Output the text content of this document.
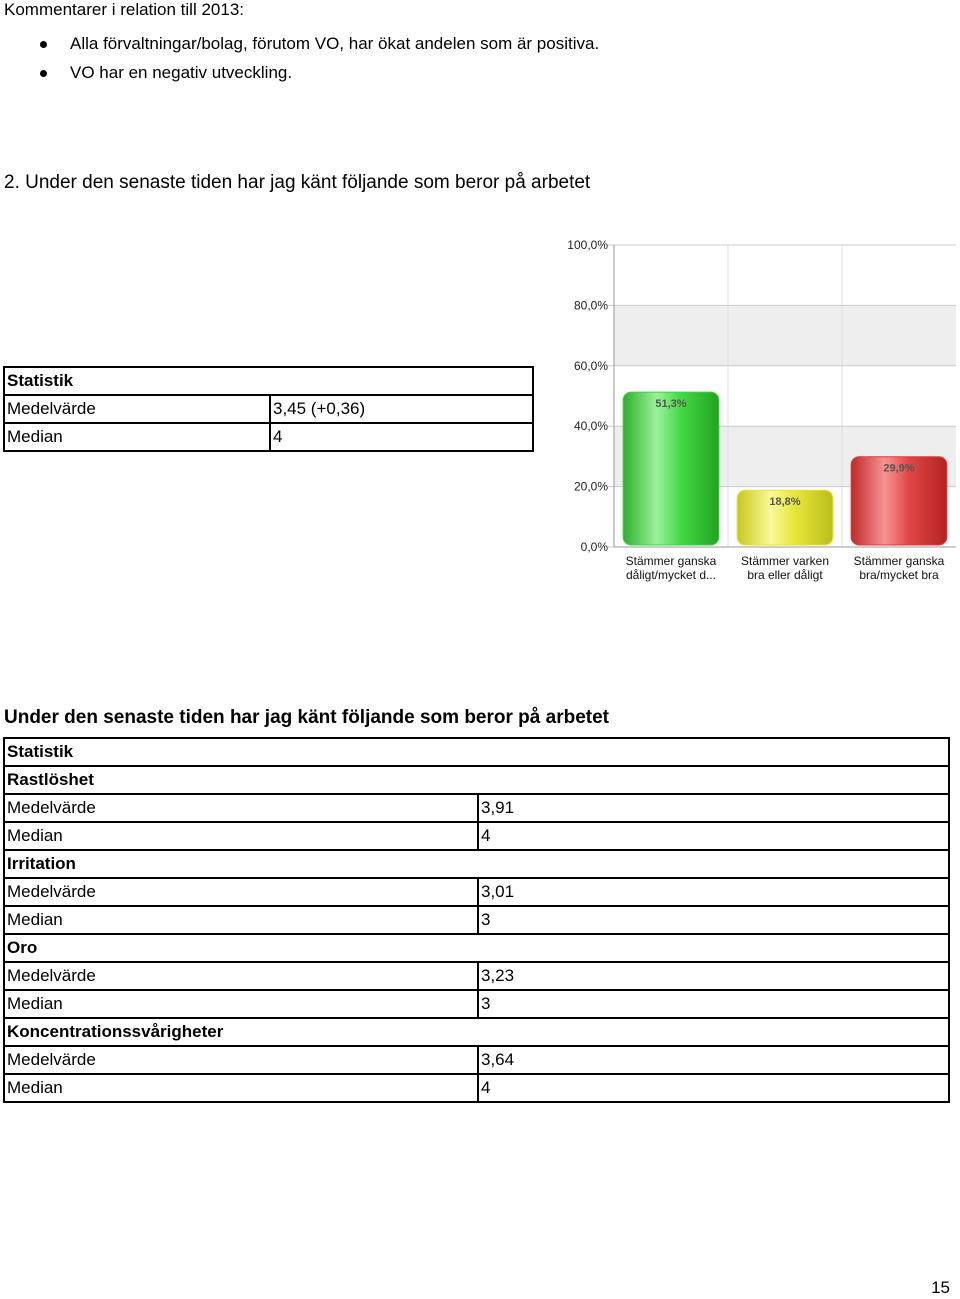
Kommentarer i relation till 2013:
Alla förvaltningar/bolag, förutom VO, har ökat andelen som är positiva.
VO har en negativ utveckling.
2. Under den senaste tiden har jag känt följande som beror på arbetet
Statistik	
Medelvärde	3,45 (+0,36)
Median	4
0,0%
20,0%
40,0%
60,0%
80,0%
100,0%
51,3%
Stämmer ganska
dåligt/mycket d...
18,8%
Stämmer varken
bra eller dåligt
29,9%
Stämmer ganska
bra/mycket bra
Under den senaste tiden har jag känt följande som beror på arbetet
Statistik	
Rastlöshet	
Medelvärde	3,91
Median	4
Irritation	
Medelvärde	3,01
Median	3
Oro	
Medelvärde	3,23
Median	3
Koncentrationssvårigheter	
Medelvärde	3,64
Median	4
15
